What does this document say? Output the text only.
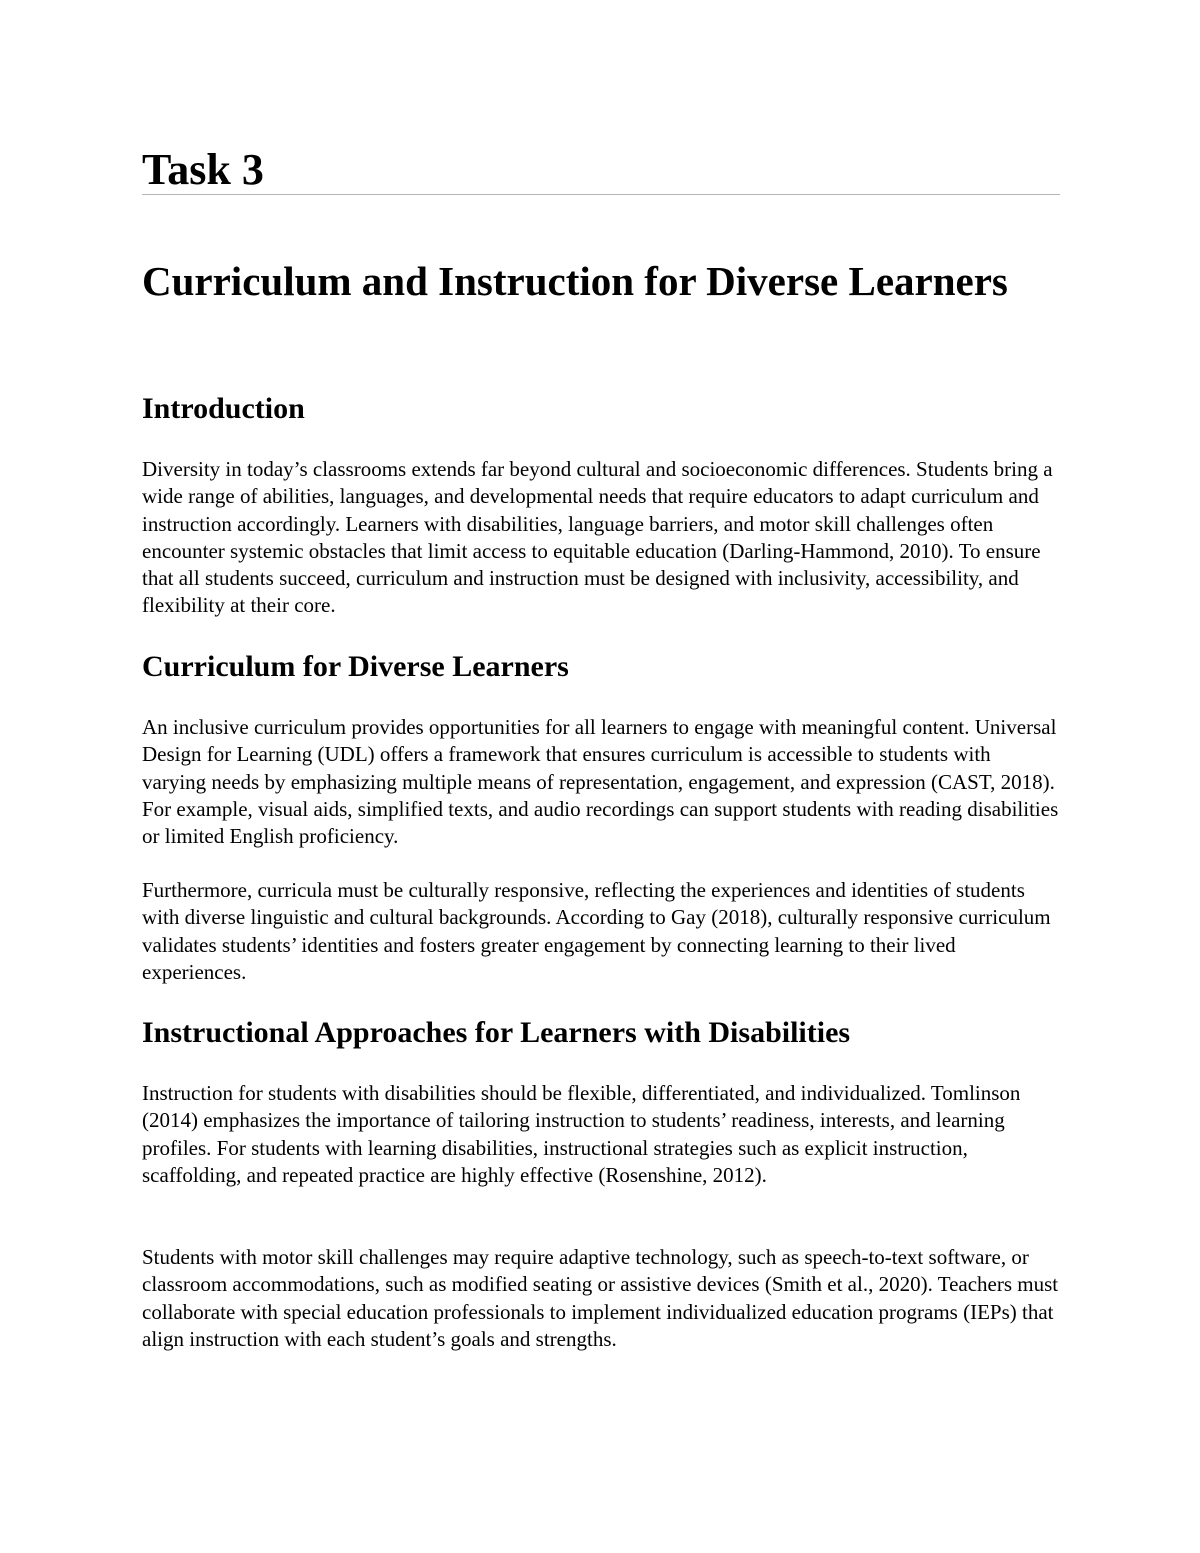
Task 3
Curriculum and Instruction for Diverse Learners
Introduction

Diversity in today’s classrooms extends far beyond cultural and socioeconomic differences. Students bring a wide range of abilities, languages, and developmental needs that require educators to adapt curriculum and instruction accordingly. Learners with disabilities, language barriers, and motor skill challenges often encounter systemic obstacles that limit access to equitable education (Darling-Hammond, 2010). To ensure that all students succeed, curriculum and instruction must be designed with inclusivity, accessibility, and flexibility at their core.

Curriculum for Diverse Learners

An inclusive curriculum provides opportunities for all learners to engage with meaningful content. Universal Design for Learning (UDL) offers a framework that ensures curriculum is accessible to students with varying needs by emphasizing multiple means of representation, engagement, and expression (CAST, 2018). For example, visual aids, simplified texts, and audio recordings can support students with reading disabilities or limited English proficiency.

Furthermore, curricula must be culturally responsive, reflecting the experiences and identities of students with diverse linguistic and cultural backgrounds. According to Gay (2018), culturally responsive curriculum validates students’ identities and fosters greater engagement by connecting learning to their lived experiences.

Instructional Approaches for Learners with Disabilities

Instruction for students with disabilities should be flexible, differentiated, and individualized. Tomlinson (2014) emphasizes the importance of tailoring instruction to students’ readiness, interests, and learning profiles. For students with learning disabilities, instructional strategies such as explicit instruction, scaffolding, and repeated practice are highly effective (Rosenshine, 2012).

Students with motor skill challenges may require adaptive technology, such as speech-to-text software, or classroom accommodations, such as modified seating or assistive devices (Smith et al., 2020). Teachers must collaborate with special education professionals to implement individualized education programs (IEPs) that align instruction with each student’s goals and strengths.
